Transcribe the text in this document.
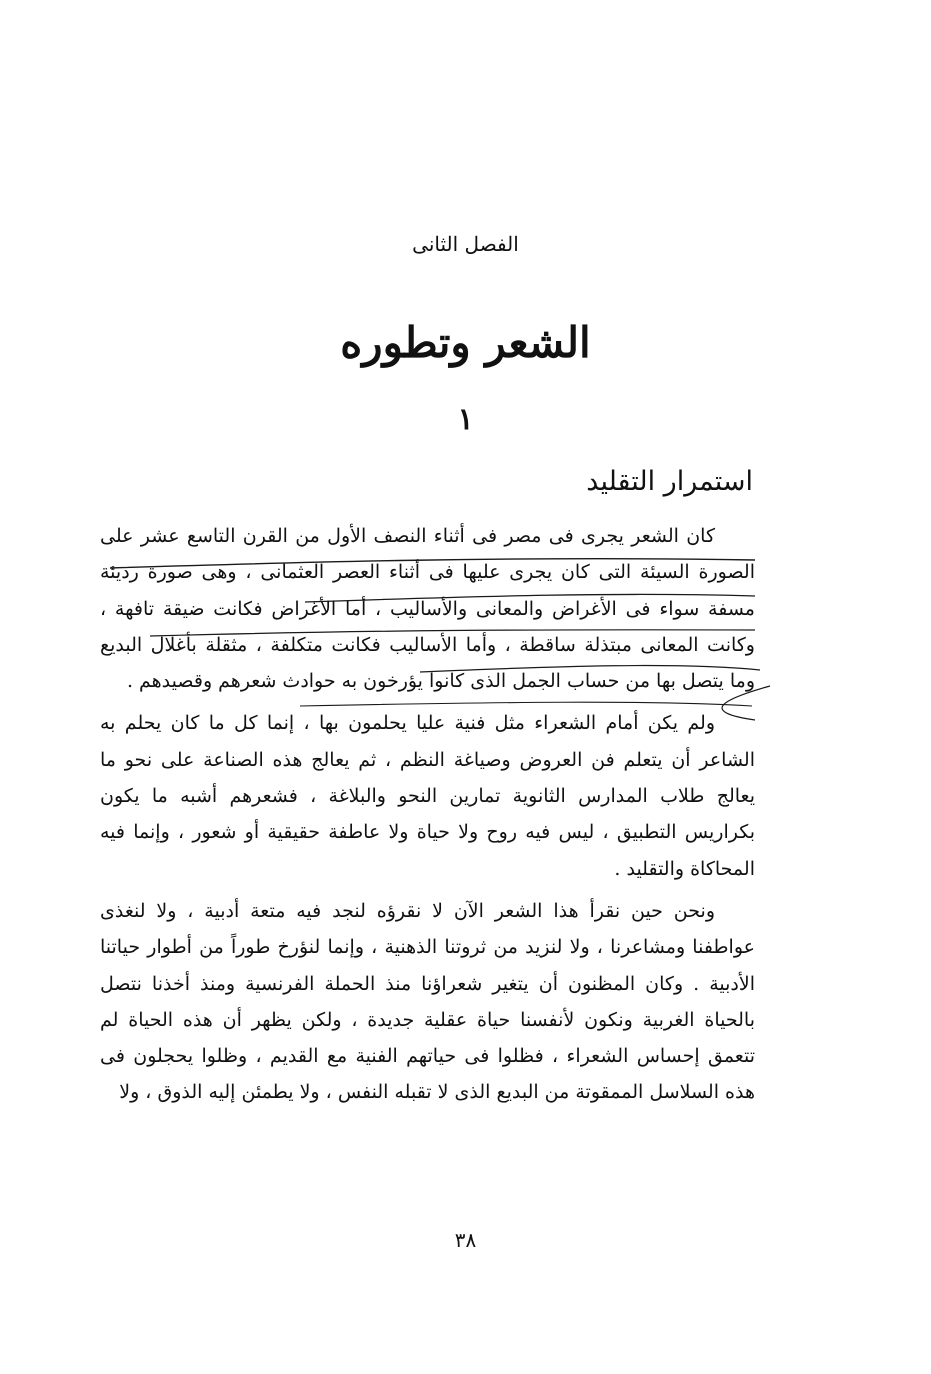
الفصل الثانى
الشعر وتطوره
١
استمرار التقليد

كان الشعر يجرى فى مصر فى أثناء النصف الأول من القرن التاسع عشر على الصورة السيئة التى كان يجرى عليها فى أثناء العصر العثمانى ، وهى صورة رديئة مسفة سواء فى الأغراض والمعانى والأساليب ، أما الأغراض فكانت ضيقة تافهة ، وكانت المعانى مبتذلة ساقطة ، وأما الأساليب فكانت متكلفة ، مثقلة بأغلال البديع وما يتصل بها من حساب الجمل الذى كانوا يؤرخون به حوادث شعرهم وقصيدهم .

ولم يكن أمام الشعراء مثل فنية عليا يحلمون بها ، إنما كل ما كان يحلم به الشاعر أن يتعلم فن العروض وصياغة النظم ، ثم يعالج هذه الصناعة على نحو ما يعالج طلاب المدارس الثانوية تمارين النحو والبلاغة ، فشعرهم أشبه ما يكون بكراريس التطبيق ، ليس فيه روح ولا حياة ولا عاطفة حقيقية أو شعور ، وإنما فيه المحاكاة والتقليد .

ونحن حين نقرأ هذا الشعر الآن لا نقرؤه لنجد فيه متعة أدبية ، ولا لنغذى عواطفنا ومشاعرنا ، ولا لنزيد من ثروتنا الذهنية ، وإنما لنؤرخ طوراً من أطوار حياتنا الأدبية . وكان المظنون أن يتغير شعراؤنا منذ الحملة الفرنسية ومنذ أخذنا نتصل بالحياة الغربية ونكون لأنفسنا حياة عقلية جديدة ، ولكن يظهر أن هذه الحياة لم تتعمق إحساس الشعراء ، فظلوا فى حياتهم الفنية مع القديم ، وظلوا يحجلون فى هذه السلاسل الممقوتة من البديع الذى لا تقبله النفس ، ولا يطمئن إليه الذوق ، ولا

٣٨
